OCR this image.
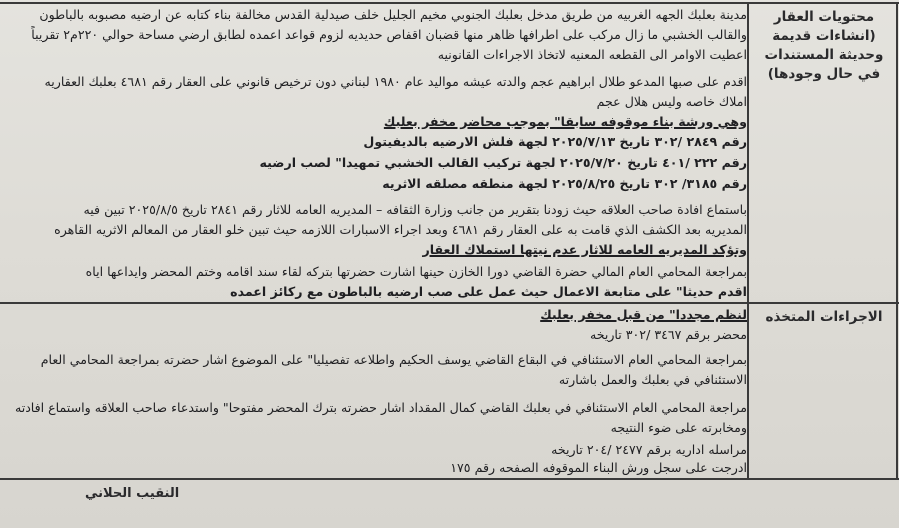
محتويات العقار (انشاءات قديمة وحديثة المستندات في حال وجودها)
الاجراءات المتخذه
مدينة بعلبك الجهه الغربيه من طريق مدخل بعلبك الجنوبي مخيم الجليل خلف صيدلية القدس مخالفة بناء كتابه عن ارضيه مصبوبه بالباطون
والقالب الخشبي ما زال مركب على اطرافها ظاهر منها قضبان اقفاص حديديه لزوم قواعد اعمده لطابق ارضي مساحة حوالي ٢٢٠م٢ تقريباً
اعطيت الاوامر الى القطعه المعنيه لاتخاذ الاجراءات القانونيه
اقدم على صبها المدعو طلال ابراهيم عجم والدته عيشه مواليد عام ١٩٨٠ لبناني دون ترخيص قانوني على العقار رقم ٤٦٨١ بعلبك العقاريه
املاك خاصه وليس هلال عجم
وهي ورشة بناء موقوفه سابقا" بموجب محاضر مخفر بعلبك
رقم ٢٨٤٩ /٣٠٢ تاريخ ٢٠٢٥/٧/١٣ لجهة فلش الارضيه بالديفيتول
رقم ٢٢٢ /٤٠١ تاريخ ٢٠٢٥/٧/٢٠ لجهة تركيب القالب الخشبي تمهيدا" لصب ارضيه
رقم ٣١٨٥/ ٣٠٢ تاريخ ٢٠٢٥/٨/٢٥ لجهة منطقه مصلقه الاثريه
باستماع افادة صاحب العلاقه حيث زودنا بتقرير من جانب وزارة الثقافه – المديريه العامه للاثار رقم ٢٨٤١ تاريخ ٢٠٢٥/٨/٥ تبين فيه
المديريه بعد الكشف الذي قامت به على العقار رقم ٤٦٨١ وبعد اجراء الاسبارات اللازمه حيث تبين خلو العقار من المعالم الاثريه القاهره
وتؤكد المديريه العامه للاثار عدم نيتها استملاك العقار
بمراجعة المحامي العام المالي حضرة القاضي دورا الخازن حينها اشارت حضرتها بتركه لقاء سند اقامه وختم المحضر وايداعها اياه
اقدم حديثا" على متابعة الاعمال حيث عمل على صب ارضيه بالباطون مع ركائز اعمده
لنظم مجددا" من قبل مخفر بعلبك
محضر برقم ٣٤٦٧ /٣٠٢ تاريخه
بمراجعة المحامي العام الاستئنافي في البقاع القاضي يوسف الحكيم واطلاعه تفصيليا" على الموضوع اشار حضرته بمراجعة المحامي العام
الاستئنافي في بعلبك والعمل باشارته
مراجعة المحامي العام الاستئنافي في بعلبك القاضي كمال المقداد اشار حضرته بترك المحضر مفتوحا" واستدعاء صاحب العلاقه واستماع افادته
ومخابرته على ضوء النتيجه
مراسله اداريه برقم ٢٤٧٧ /٢٠٤ تاريخه
ادرجت على سجل ورش البناء الموقوفه الصفحه رقم ١٧٥
النقيب الحلاني
